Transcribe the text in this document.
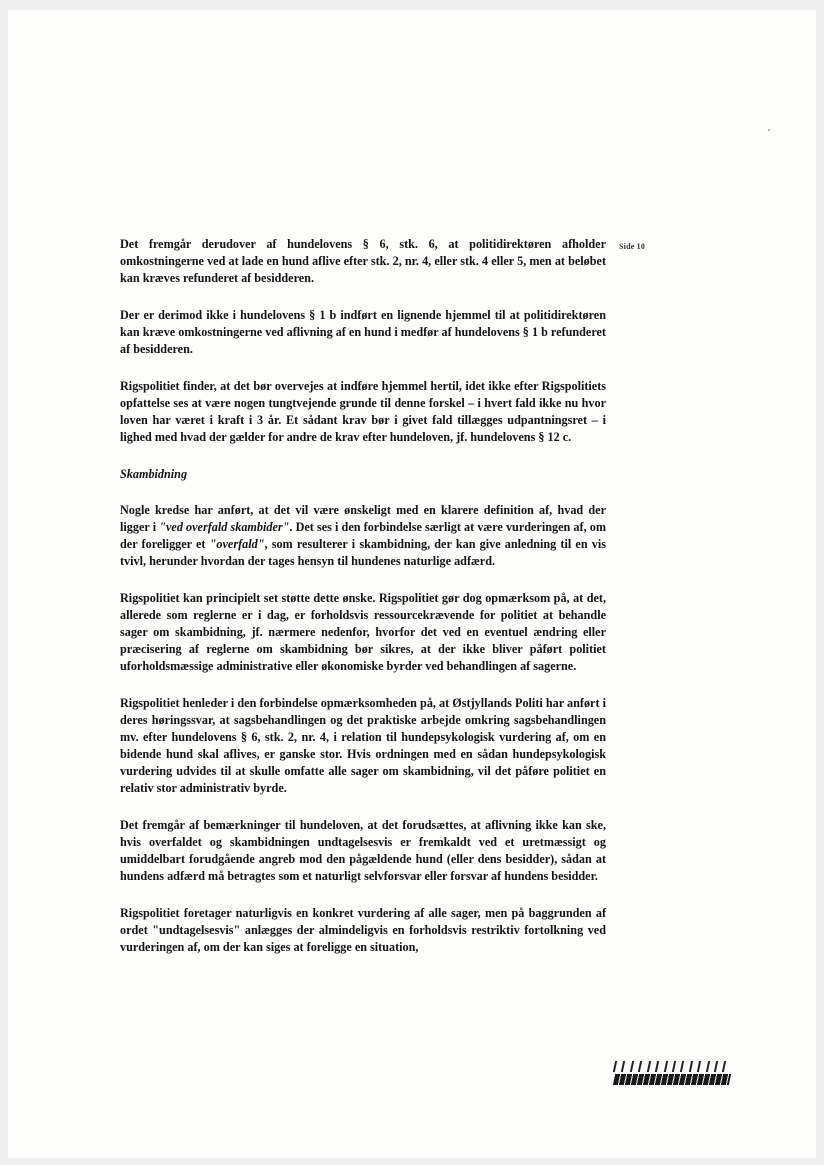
Side 10

Det fremgår derudover af hundelovens § 6, stk. 6, at politidirektøren afholder omkostningerne ved at lade en hund aflive efter stk. 2, nr. 4, eller stk. 4 eller 5, men at beløbet kan kræves refunderet af besidderen.

Der er derimod ikke i hundelovens § 1 b indført en lignende hjemmel til at politidirektøren kan kræve omkostningerne ved aflivning af en hund i medfør af hundelovens § 1 b refunderet af besidderen.

Rigspolitiet finder, at det bør overvejes at indføre hjemmel hertil, idet ikke efter Rigspolitiets opfattelse ses at være nogen tungtvejende grunde til denne forskel – i hvert fald ikke nu hvor loven har været i kraft i 3 år. Et sådant krav bør i givet fald tillægges udpantningsret – i lighed med hvad der gælder for andre de krav efter hundeloven, jf. hundelovens § 12 c.

Skambidning

Nogle kredse har anført, at det vil være ønskeligt med en klarere definition af, hvad der ligger i "ved overfald skambider". Det ses i den forbindelse særligt at være vurderingen af, om der foreligger et "overfald", som resulterer i skambidning, der kan give anledning til en vis tvivl, herunder hvordan der tages hensyn til hundenes naturlige adfærd.

Rigspolitiet kan principielt set støtte dette ønske. Rigspolitiet gør dog opmærksom på, at det, allerede som reglerne er i dag, er forholdsvis ressourcekrævende for politiet at behandle sager om skambidning, jf. nærmere nedenfor, hvorfor det ved en eventuel ændring eller præcisering af reglerne om skambidning bør sikres, at der ikke bliver påført politiet uforholdsmæssige administrative eller økonomiske byrder ved behandlingen af sagerne.

Rigspolitiet henleder i den forbindelse opmærksomheden på, at Østjyllands Politi har anført i deres høringssvar, at sagsbehandlingen og det praktiske arbejde omkring sagsbehandlingen mv. efter hundelovens § 6, stk. 2, nr. 4, i relation til hundepsykologisk vurdering af, om en bidende hund skal aflives, er ganske stor. Hvis ordningen med en sådan hundepsykologisk vurdering udvides til at skulle omfatte alle sager om skambidning, vil det påføre politiet en relativ stor administrativ byrde.

Det fremgår af bemærkninger til hundeloven, at det forudsættes, at aflivning ikke kan ske, hvis overfaldet og skambidningen undtagelsesvis er fremkaldt ved et uretmæssigt og umiddelbart forudgående angreb mod den pågældende hund (eller dens besidder), sådan at hundens adfærd må betragtes som et naturligt selvforsvar eller forsvar af hundens besidder.

Rigspolitiet foretager naturligvis en konkret vurdering af alle sager, men på baggrunden af ordet "undtagelsesvis" anlægges der almindeligvis en forholdsvis restriktiv fortolkning ved vurderingen af, om der kan siges at foreligge en situation,
